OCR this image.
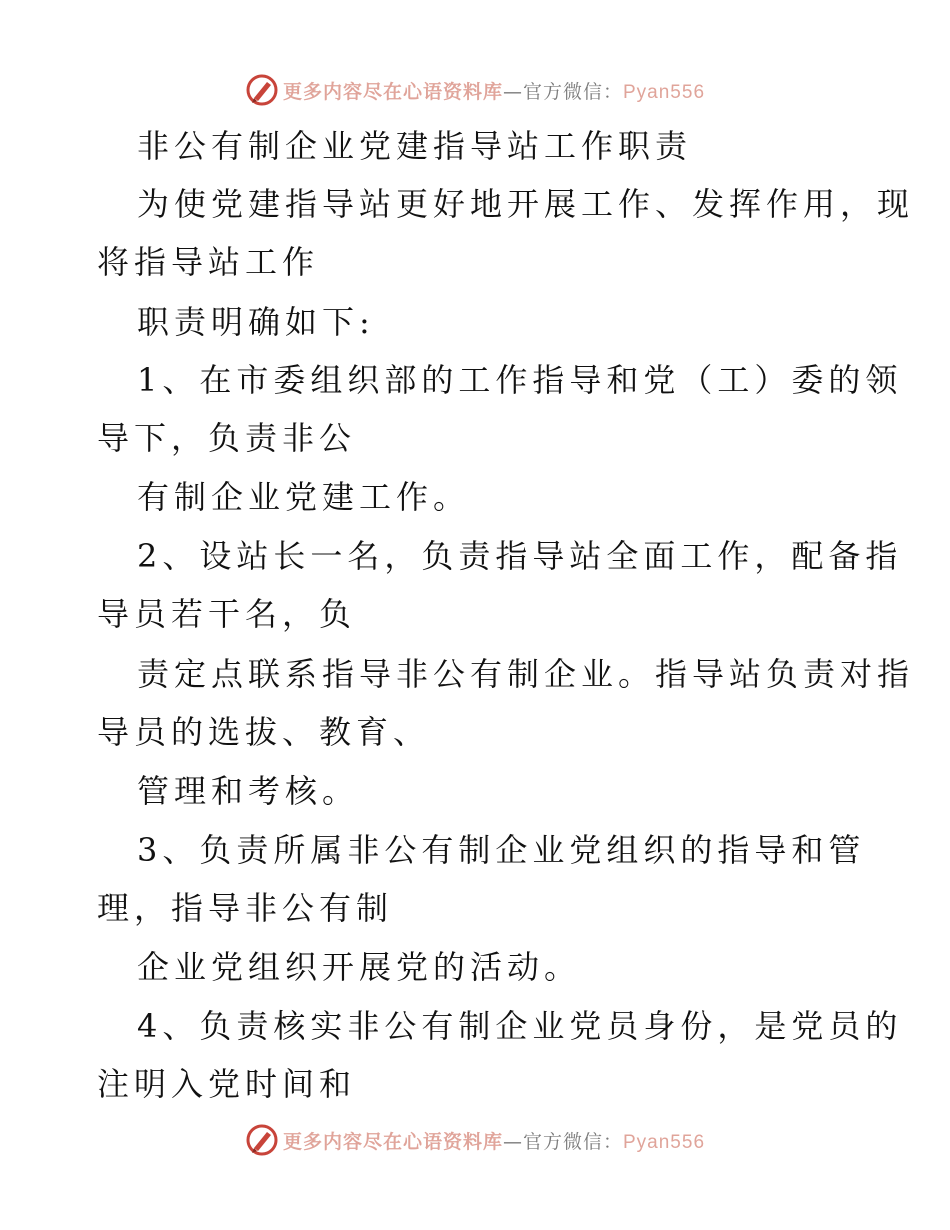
更多内容尽在心语资料库—官方微信：Pyan556
非公有制企业党建指导站工作职责
为使党建指导站更好地开展工作、发挥作用，现
将指导站工作
职责明确如下:
1、在市委组织部的工作指导和党（工）委的领
导下，负责非公
有制企业党建工作。
2、设站长一名，负责指导站全面工作，配备指
导员若干名，负
责定点联系指导非公有制企业。指导站负责对指
导员的选拔、教育、
管理和考核。
3、负责所属非公有制企业党组织的指导和管
理，指导非公有制
企业党组织开展党的活动。
4、负责核实非公有制企业党员身份，是党员的
注明入党时间和
更多内容尽在心语资料库—官方微信：Pyan556
